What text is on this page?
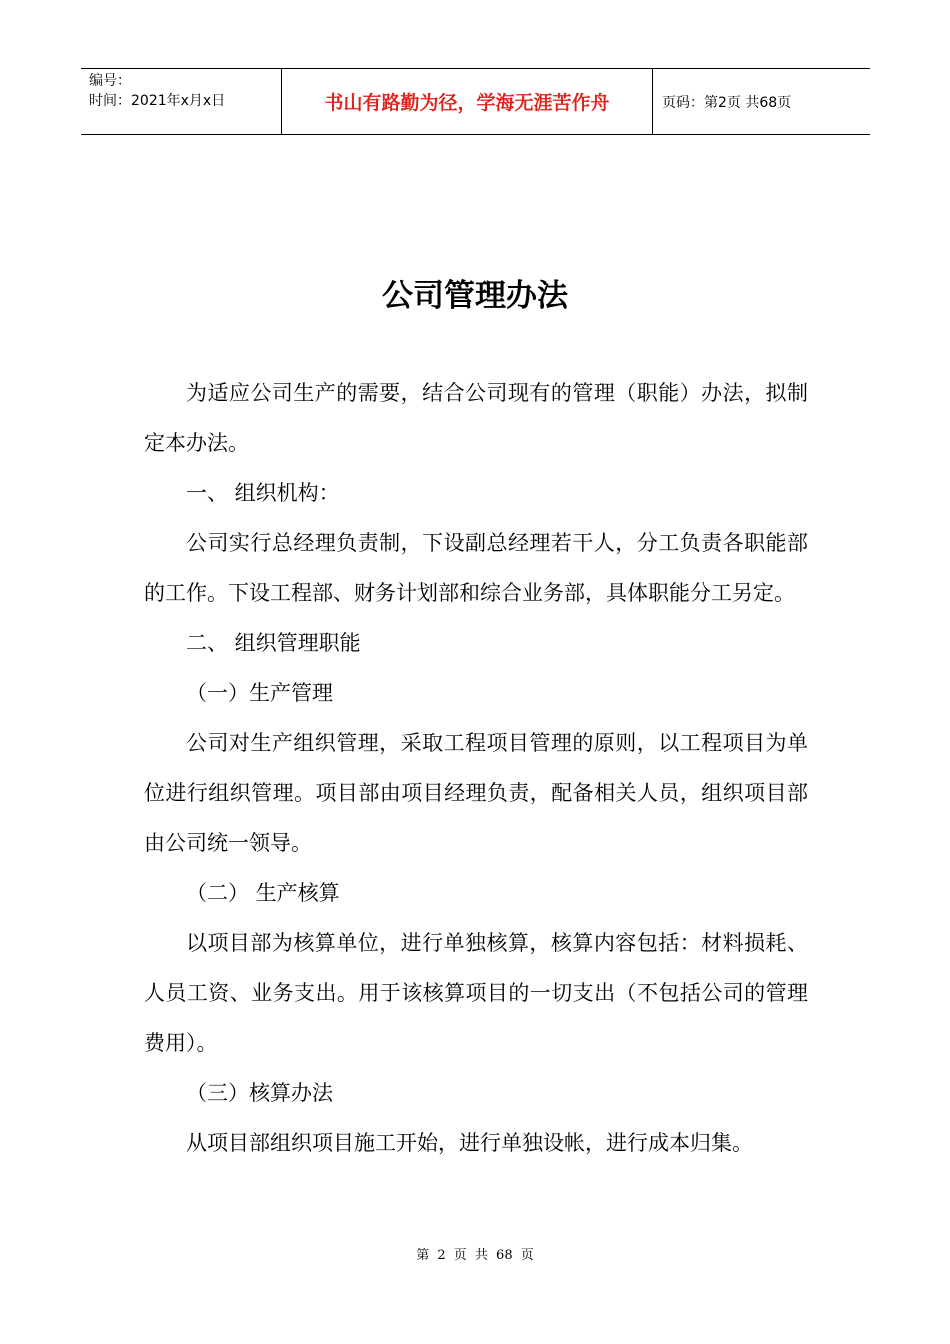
编号：
时间：2021年x月x日	书山有路勤为径，学海无涯苦作舟	页码：第2页 共68页
公司管理办法

为适应公司生产的需要，结合公司现有的管理（职能）办法，拟制定本办法。

一、 组织机构：

公司实行总经理负责制，下设副总经理若干人，分工负责各职能部的工作。下设工程部、财务计划部和综合业务部，具体职能分工另定。

二、 组织管理职能

（一）生产管理

公司对生产组织管理，采取工程项目管理的原则，以工程项目为单位进行组织管理。项目部由项目经理负责，配备相关人员，组织项目部由公司统一领导。

（二） 生产核算

以项目部为核算单位，进行单独核算，核算内容包括：材料损耗、人员工资、业务支出。用于该核算项目的一切支出（不包括公司的管理费用）。

（三）核算办法

从项目部组织项目施工开始，进行单独设帐，进行成本归集。

第 2 页 共 68 页
